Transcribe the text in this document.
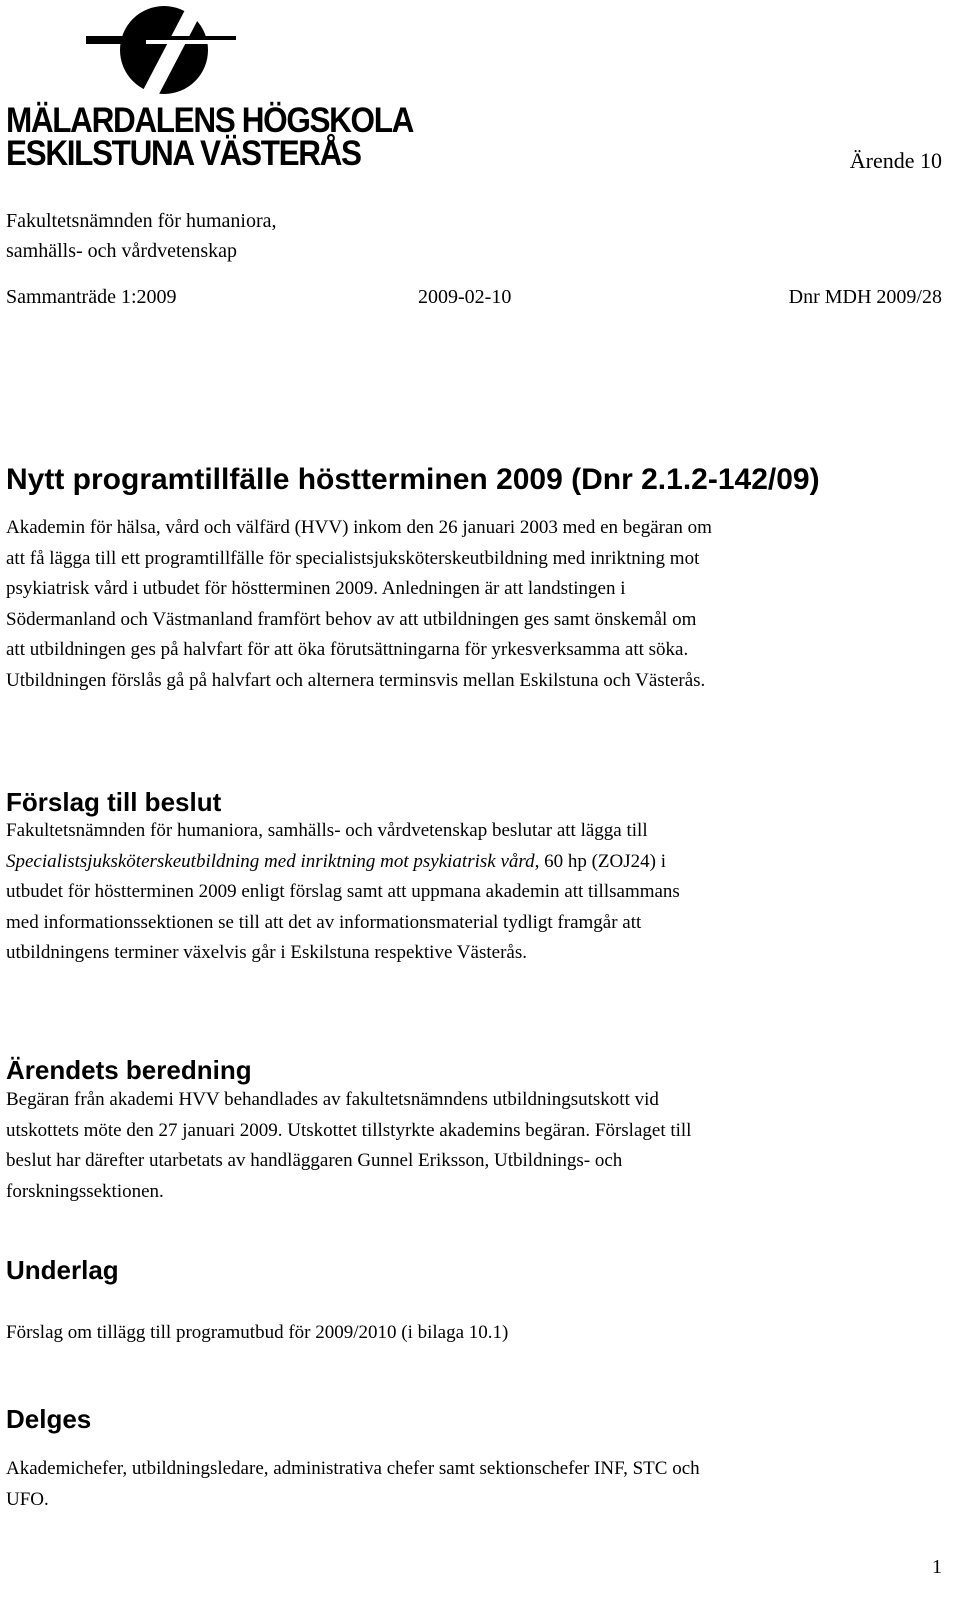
MÄLARDALENS HÖGSKOLA
ESKILSTUNA VÄSTERÅS	Ärende 10
Fakultetsnämnden för humaniora,
samhälls- och vårdvetenskap
Sammanträde 1:2009	2009-02-10	Dnr MDH 2009/28
Nytt programtillfälle höstterminen 2009 (Dnr 2.1.2-142/09)
Akademin för hälsa, vård och välfärd (HVV) inkom den 26 januari 2003 med en begäran om
att få lägga till ett programtillfälle för specialistsjuksköterskeutbildning med inriktning mot
psykiatrisk vård i utbudet för höstterminen 2009. Anledningen är att landstingen i
Södermanland och Västmanland framfört behov av att utbildningen ges samt önskemål om
att utbildningen ges på halvfart för att öka förutsättningarna för yrkesverksamma att söka.
Utbildningen förslås gå på halvfart och alternera terminsvis mellan Eskilstuna och Västerås.
Förslag till beslut
Fakultetsnämnden för humaniora, samhälls- och vårdvetenskap beslutar att lägga till
Specialistsjuksköterskeutbildning med inriktning mot psykiatrisk vård, 60 hp (ZOJ24) i
utbudet för höstterminen 2009 enligt förslag samt att uppmana akademin att tillsammans
med informationssektionen se till att det av informationsmaterial tydligt framgår att
utbildningens terminer växelvis går i Eskilstuna respektive Västerås.
Ärendets beredning
Begäran från akademi HVV behandlades av fakultetsnämndens utbildningsutskott vid
utskottets möte den 27 januari 2009. Utskottet tillstyrkte akademins begäran. Förslaget till
beslut har därefter utarbetats av handläggaren Gunnel Eriksson, Utbildnings- och
forskningssektionen.
Underlag
Förslag om tillägg till programutbud för 2009/2010 (i bilaga 10.1)
Delges
Akademichefer, utbildningsledare, administrativa chefer samt sektionschefer INF, STC och
UFO.
1
